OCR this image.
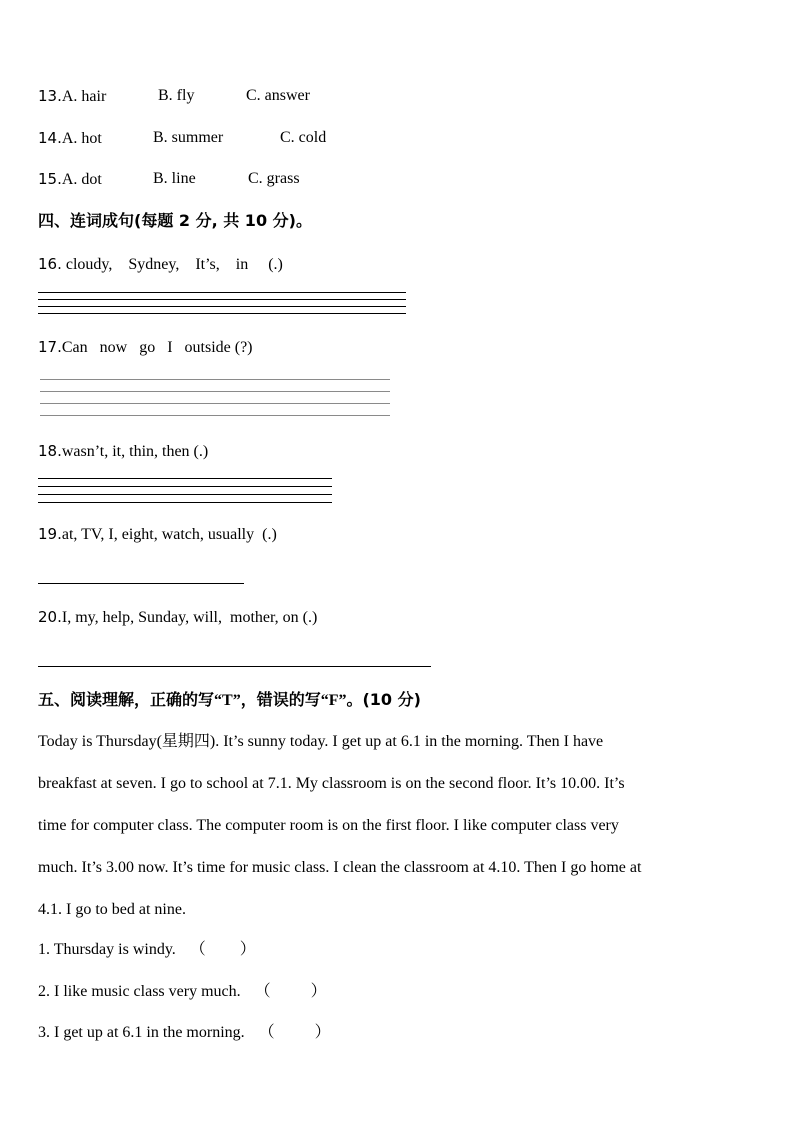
13.A. hair	B. fly	C. answer
14.A. hot	B. summer	C. cold
15.A. dot	B. line	C. grass
四、连词成句(每题 2 分, 共 10 分)。
16. cloudy,    Sydney,    It’s,    in     (.)
17.Can   now   go   I   outside (?)
18.wasn’t, it, thin, then (.)
19.at, TV, I, eight, watch, usually  (.)
20.I, my, help, Sunday, will,  mother, on (.)
五、阅读理解，正确的写“T”，错误的写“F”。(10 分)
Today is Thursday(星期四). It’s sunny today. I get up at 6.1 in the morning. Then I have
breakfast at seven. I go to school at 7.1. My classroom is on the second floor. It’s 10.00. It’s
time for computer class. The computer room is on the first floor. I like computer class very
much. It’s 3.00 now. It’s time for music class. I clean the classroom at 4.10. Then I go home at
4.1. I go to bed at nine.
1. Thursday is windy. （ ）
2. I like music class very much. （	）
3. I get up at 6.1 in the morning. （	）
